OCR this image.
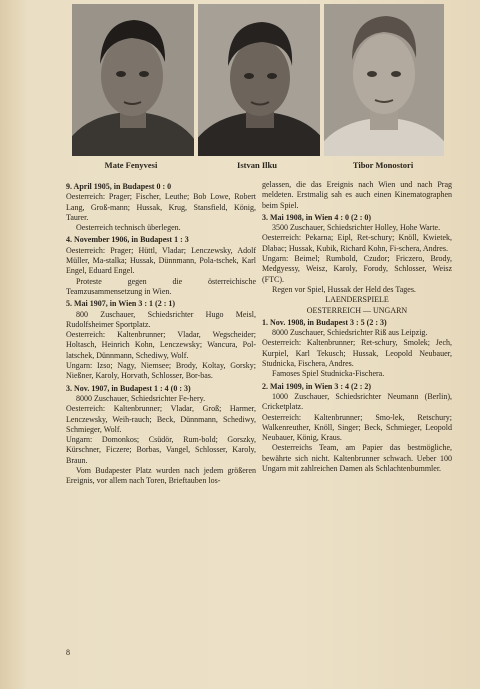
Mate Fenyvesi	Istvan Ilku	Tibor Monostori

9. April 1905, in Budapest 0 : 0

Oesterreich: Prager; Fischer, Leuthe; Bob Lowe, Robert Lang, Groß-mann; Hussak, Krug, Stansfield, König, Taurer.

Oesterreich technisch überlegen.

4. November 1906, in Budapest 1 : 3

Oesterreich: Prager; Hüttl, Vladar; Lenczewsky, Adolf Müller, Ma-stalka; Hussak, Dünnmann, Pola-tschek, Karl Engel, Eduard Engel.

Proteste gegen die österreichische Teamzusammensetzung in Wien.

5. Mai 1907, in Wien 3 : 1 (2 : 1)

800 Zuschauer, Schiedsrichter Hugo Meisl, Rudolfsheimer Sportplatz.

Oesterreich: Kaltenbrunner; Vladar, Wegscheider; Holtasch, Heinrich Kohn, Lenczewsky; Wancura, Pol-latschek, Dünnmann, Schediwy, Wolf.

Ungarn: Izso; Nagy, Niemsee; Brody, Koltay, Gorsky; Nießner, Karoly, Horvath, Schlosser, Bor-bas.

3. Nov. 1907, in Budapest 1 : 4 (0 : 3)

8000 Zuschauer, Schiedsrichter Fe-hery.

Oesterreich: Kaltenbrunner; Vladar, Groß; Harmer, Lenczewsky, Weih-rauch; Beck, Dünnmann, Schediwy, Schmieger, Wolf.

Ungarn: Domonkos; Csüdör, Rum-bold; Gorszky, Kürschner, Ficzere; Borbas, Vangel, Schlosser, Karoly, Braun.

Vom Budapester Platz wurden nach jedem größeren Ereignis, vor allem nach Toren, Brieftauben los-

gelassen, die das Ereignis nach Wien und nach Prag meldeten. Erstmalig sah es auch einen Kinematographen beim Spiel.

3. Mai 1908, in Wien 4 : 0 (2 : 0)

3500 Zuschauer, Schiedsrichter Holley, Hohe Warte.

Oesterreich: Pekarna; Eipl, Ret-schury; Knöll, Kwietek, Dlabac; Hussak, Kubik, Richard Kohn, Fi-schera, Andres.

Ungarn: Beimel; Rumbold, Czudor; Friczero, Brody, Medgyessy, Weisz, Karoly, Forody, Schlosser, Weisz (FTC).

Regen vor Spiel, Hussak der Held des Tages.

LAENDERSPIELE

OESTERREICH — UNGARN

1. Nov. 1908, in Budapest 3 : 5 (2 : 3)

8000 Zuschauer, Schiedsrichter Riß aus Leipzig.

Oesterreich: Kaltenbrunner; Ret-schury, Smolek; Jech, Kurpiel, Karl Tekusch; Hussak, Leopold Neubauer, Studnicka, Fischera, Andres.

Famoses Spiel Studnicka-Fischera.

2. Mai 1909, in Wien 3 : 4 (2 : 2)

1000 Zuschauer, Schiedsrichter Neumann (Berlin), Cricketplatz.

Oesterreich: Kaltenbrunner; Smo-lek, Retschury; Walkenreuther, Knöll, Singer; Beck, Schmieger, Leopold Neubauer, König, Kraus.

Oesterreichs Team, am Papier das bestmögliche, bewährte sich nicht. Kaltenbrunner schwach. Ueber 100 Ungarn mit zahlreichen Damen als Schlachtenbummler.

8
